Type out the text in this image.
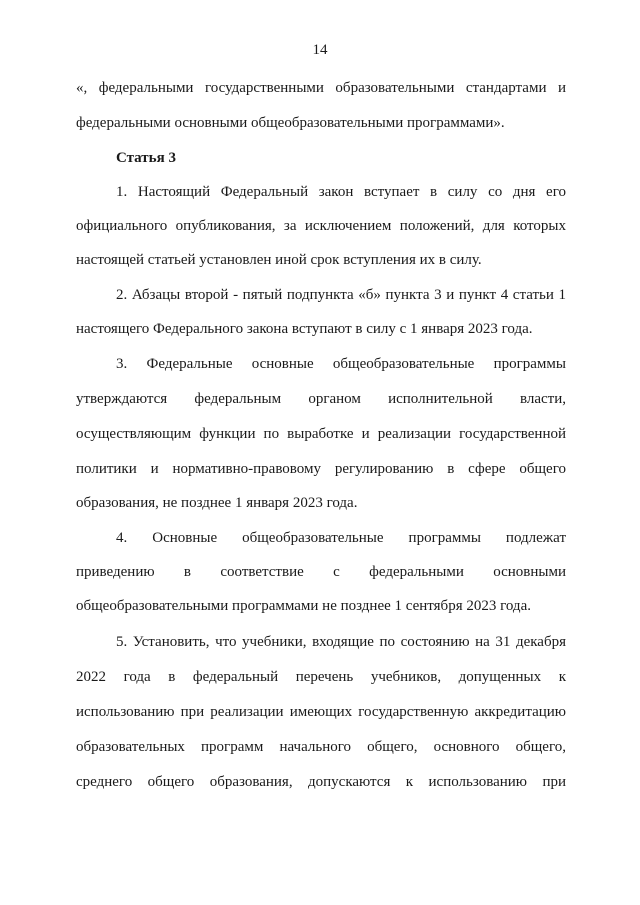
14
«, федеральными государственными образовательными стандартами и
федеральными основными общеобразовательными программами».
Статья 3
1. Настоящий Федеральный закон вступает в силу со дня его
официального опубликования, за исключением положений, для которых
настоящей статьей установлен иной срок вступления их в силу.
2. Абзацы второй - пятый подпункта «б» пункта 3 и пункт 4 статьи 1
настоящего Федерального закона вступают в силу с 1 января 2023 года.
3. Федеральные основные общеобразовательные программы
утверждаются федеральным органом исполнительной власти,
осуществляющим функции по выработке и реализации государственной
политики и нормативно-правовому регулированию в сфере общего
образования, не позднее 1 января 2023 года.
4. Основные общеобразовательные программы подлежат
приведению в соответствие с федеральными основными
общеобразовательными программами не позднее 1 сентября 2023 года.
5. Установить, что учебники, входящие по состоянию на 31 декабря
2022 года в федеральный перечень учебников, допущенных к
использованию при реализации имеющих государственную аккредитацию
образовательных программ начального общего, основного общего,
среднего общего образования, допускаются к использованию при
